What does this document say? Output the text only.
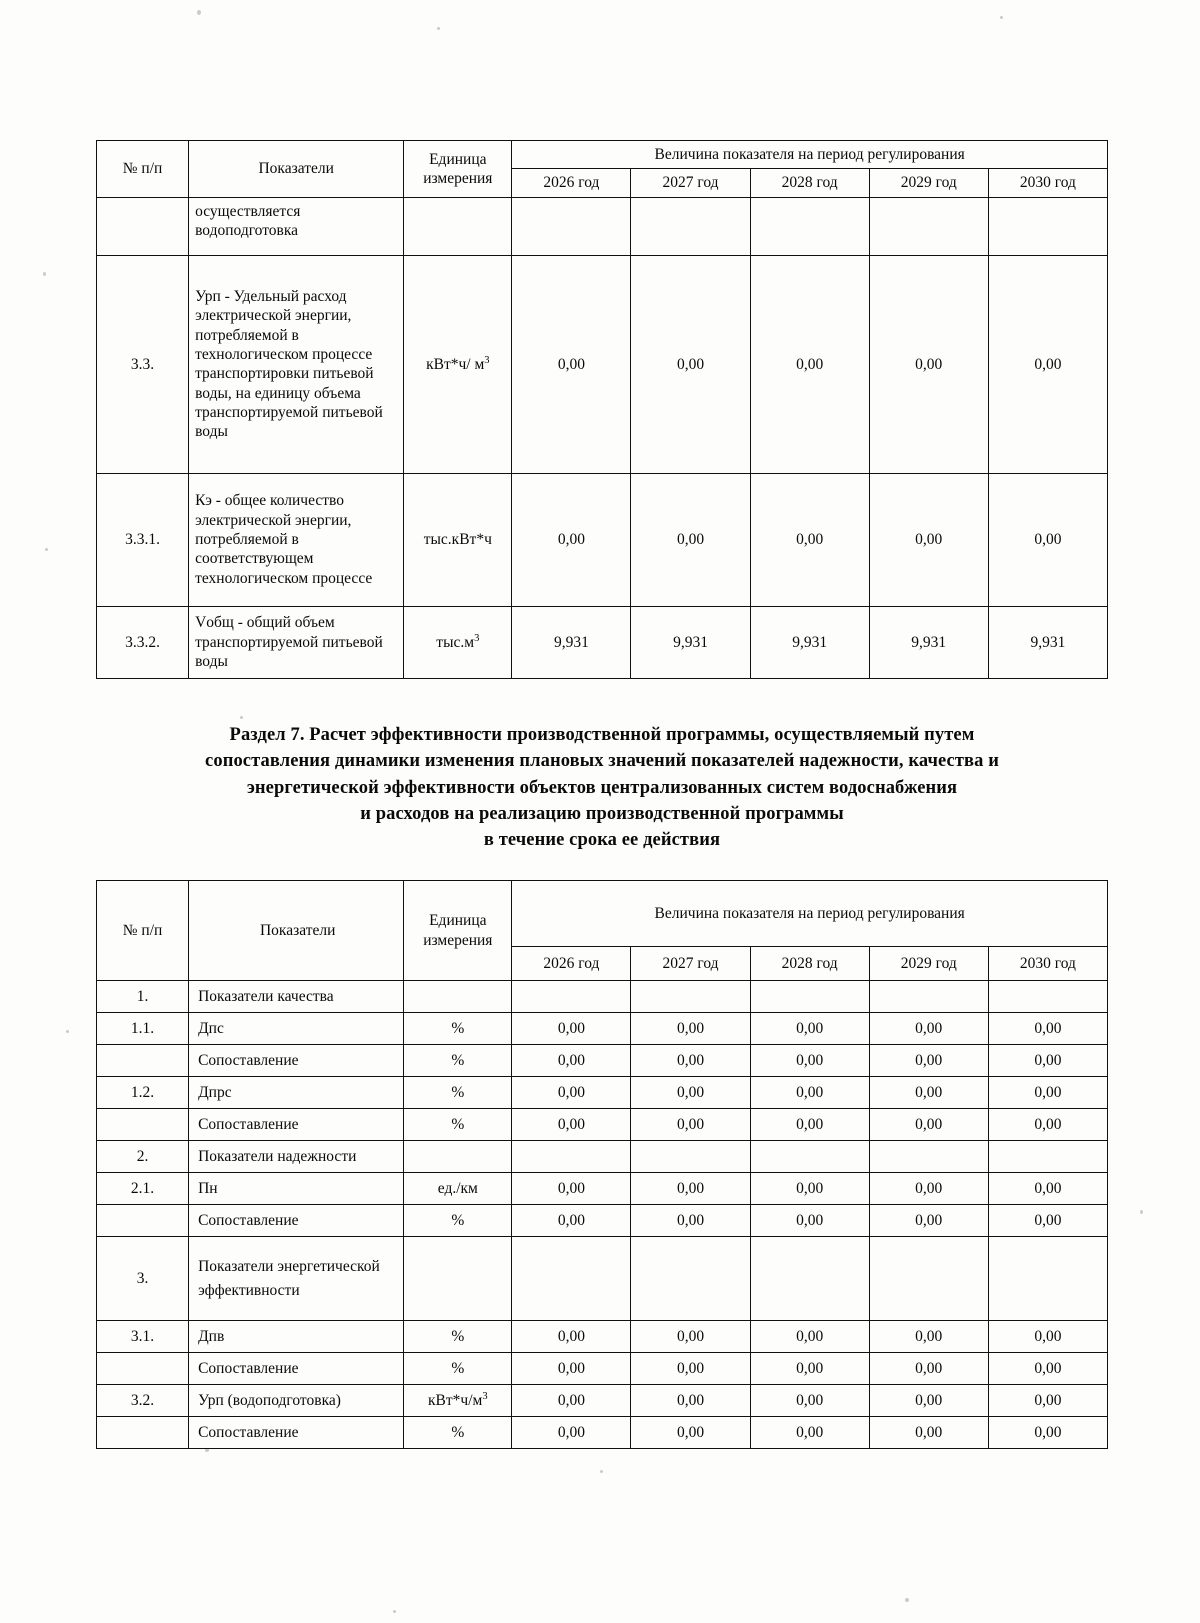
№ п/п	Показатели	Единица
измерения	Величина показателя на период регулирования				
			2026 год	2027 год	2028 год	2029 год	2030 год
	осуществляется водоподготовка						
3.3.	Урп - Удельный расход электрической энергии, потребляемой в технологическом процессе транспортировки питьевой воды, на единицу объема транспортируемой питьевой воды	кВт*ч/ $м^3$	0,00	0,00	0,00	0,00	0,00
3.3.1.	Кэ - общее количество электрической энергии, потребляемой в соответствующем технологическом процессе	тыс.кВт*ч	0,00	0,00	0,00	0,00	0,00
3.3.2.	Vобщ - общий объем транспортируемой питьевой воды	$тыс.м^3$	9,931	9,931	9,931	9,931	9,931
Раздел 7. Расчет эффективности производственной программы, осуществляемый путем
сопоставления динамики изменения плановых значений показателей надежности, качества и
энергетической эффективности объектов централизованных систем водоснабжения
и расходов на реализацию производственной программы
в течение срока ее действия
№ п/п	Показатели	Единица
измерения	Величина показателя на период регулирования				
			2026 год	2027 год	2028 год	2029 год	2030 год
1.	Показатели качества						
1.1.	Дпс	%	0,00	0,00	0,00	0,00	0,00
	Сопоставление	%	0,00	0,00	0,00	0,00	0,00
1.2.	Дпрс	%	0,00	0,00	0,00	0,00	0,00
	Сопоставление	%	0,00	0,00	0,00	0,00	0,00
2.	Показатели надежности						
2.1.	Пн	ед./км	0,00	0,00	0,00	0,00	0,00
	Сопоставление	%	0,00	0,00	0,00	0,00	0,00
3.	Показатели энергетической эффективности						
3.1.	Дпв	%	0,00	0,00	0,00	0,00	0,00
	Сопоставление	%	0,00	0,00	0,00	0,00	0,00
3.2.	Урп (водоподготовка)	$кВт*ч/м^3$	0,00	0,00	0,00	0,00	0,00
	Сопоставление	%	0,00	0,00	0,00	0,00	0,00
